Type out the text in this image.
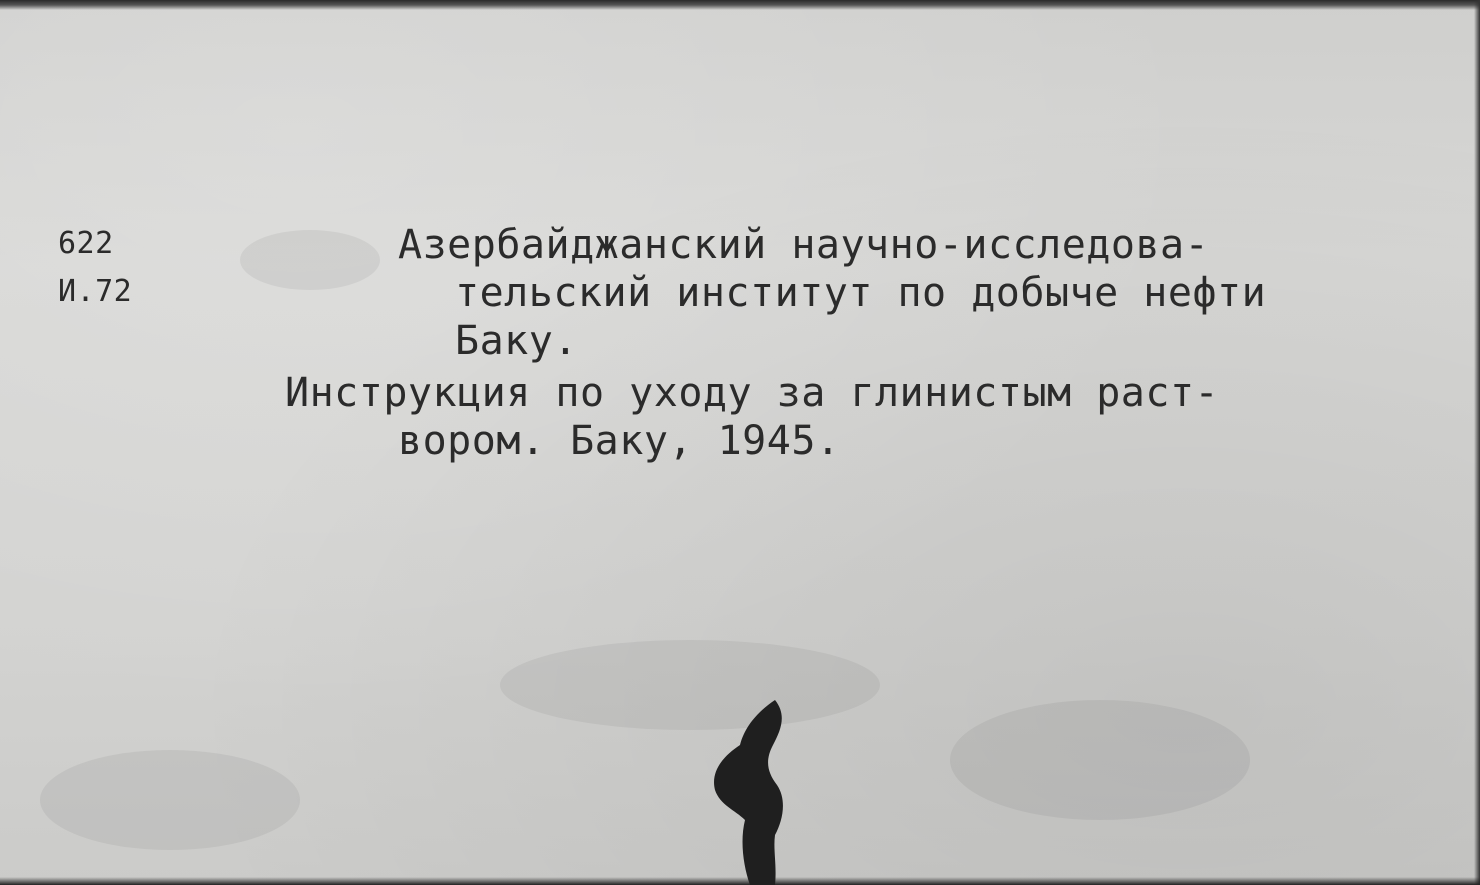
622
И.72
Азербайджанский научно-исследова-
тельский институт по добыче нефти
Баку.
Инструкция по уходу за глинистым раст-
вором. Баку, 1945.
